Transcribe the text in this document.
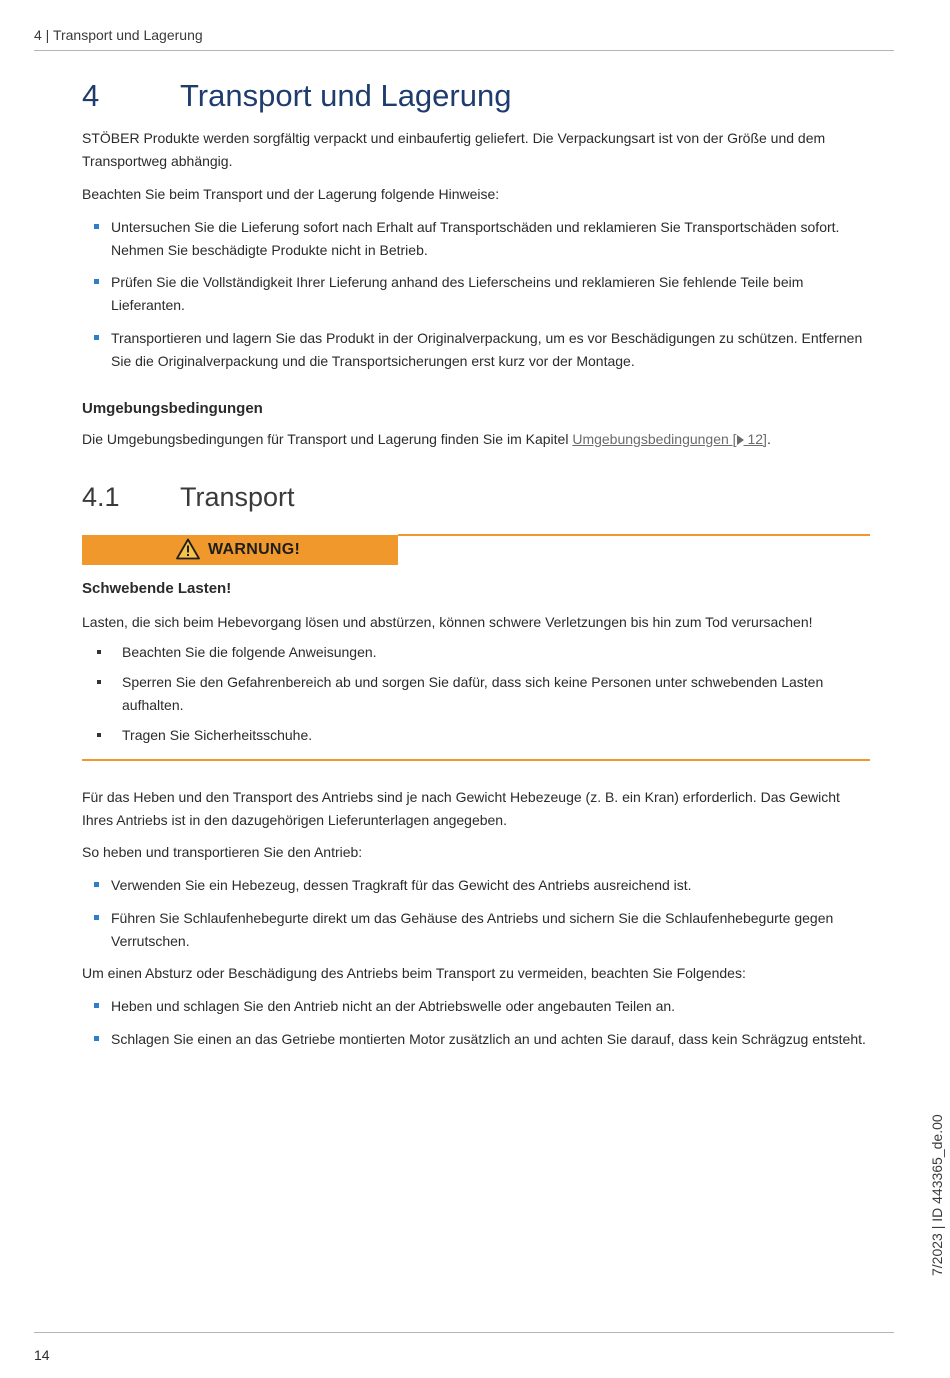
4 | Transport und Lagerung
4	Transport und Lagerung
STÖBER Produkte werden sorgfältig verpackt und einbaufertig geliefert. Die Verpackungsart ist von der Größe und dem Transportweg abhängig.
Beachten Sie beim Transport und der Lagerung folgende Hinweise:
Untersuchen Sie die Lieferung sofort nach Erhalt auf Transportschäden und reklamieren Sie Transportschäden sofort. Nehmen Sie beschädigte Produkte nicht in Betrieb.
Prüfen Sie die Vollständigkeit Ihrer Lieferung anhand des Lieferscheins und reklamieren Sie fehlende Teile beim Lieferanten.
Transportieren und lagern Sie das Produkt in der Originalverpackung, um es vor Beschädigungen zu schützen. Entfernen Sie die Originalverpackung und die Transportsicherungen erst kurz vor der Montage.
Umgebungsbedingungen
Die Umgebungsbedingungen für Transport und Lagerung finden Sie im Kapitel Umgebungsbedingungen [ 12].
4.1 Transport
WARNUNG!
Schwebende Lasten!
Lasten, die sich beim Hebevorgang lösen und abstürzen, können schwere Verletzungen bis hin zum Tod verursachen!
Beachten Sie die folgende Anweisungen.
Sperren Sie den Gefahrenbereich ab und sorgen Sie dafür, dass sich keine Personen unter schwebenden Lasten aufhalten.
Tragen Sie Sicherheitsschuhe.
Für das Heben und den Transport des Antriebs sind je nach Gewicht Hebezeuge (z. B. ein Kran) erforderlich. Das Gewicht Ihres Antriebs ist in den dazugehörigen Lieferunterlagen angegeben.
So heben und transportieren Sie den Antrieb:
Verwenden Sie ein Hebezeug, dessen Tragkraft für das Gewicht des Antriebs ausreichend ist.
Führen Sie Schlaufenhebegurte direkt um das Gehäuse des Antriebs und sichern Sie die Schlaufenhebegurte gegen Verrutschen.
Um einen Absturz oder Beschädigung des Antriebs beim Transport zu vermeiden, beachten Sie Folgendes:
Heben und schlagen Sie den Antrieb nicht an der Abtriebswelle oder angebauten Teilen an.
Schlagen Sie einen an das Getriebe montierten Motor zusätzlich an und achten Sie darauf, dass kein Schrägzug entsteht.
7/2023 | ID 443365_de.00
14
